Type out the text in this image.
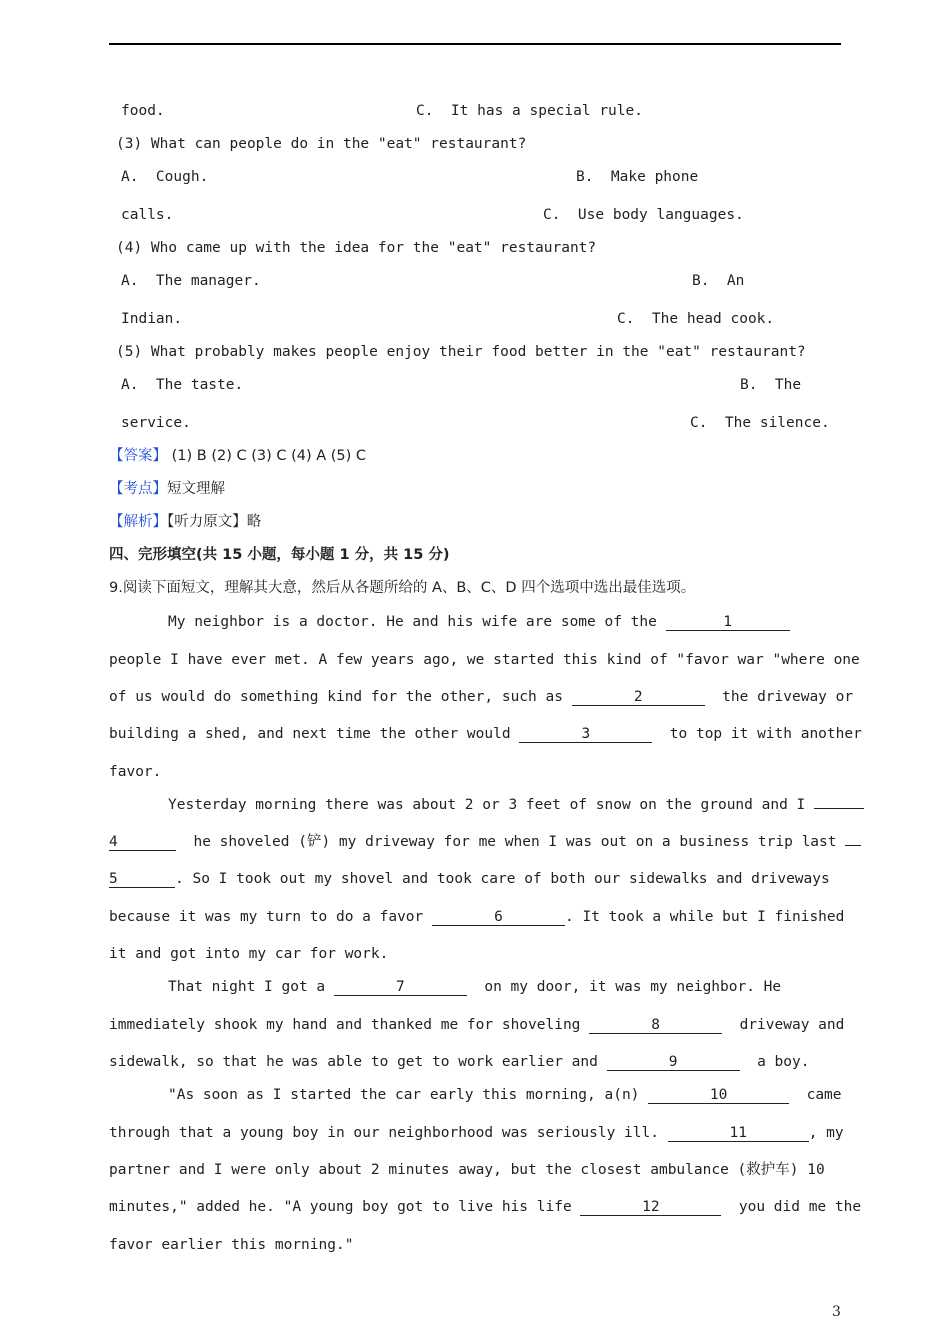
food.	C.  It has a special rule.
(3) What can people do in the "eat" restaurant?
A.  Cough.	B.  Make phone
calls.	C.  Use body languages.
(4) Who came up with the idea for the "eat" restaurant?
A.  The manager.	B.  An
Indian.	C.  The head cook.
(5) What probably makes people enjoy their food better in the "eat" restaurant?
A.  The taste.	B.  The
service.	C.  The silence.
【答案】 (1) B (2) C (3) C (4) A (5) C
【考点】短文理解
【解析】【听力原文】略
四、完形填空(共 15 小题，每小题 1 分，共 15 分)
9.阅读下面短文，理解其大意，然后从各题所给的 A、B、C、D 四个选项中选出最佳选项。
My neighbor is a doctor. He and his wife are some of the	1
people I have ever met. A few years ago, we started this kind of "favor war "where one
of us would do something kind for the other, such as	2	the driveway or
building a shed, and next time the other would	3	to top it with another
favor.
Yesterday morning there was about 2 or 3 feet of snow on the ground and I
4	he shoveled (铲) my driveway for me when I was out on a business trip last
5	. So I took out my shovel and took care of both our sidewalks and driveways
because it was my turn to do a favor	6	. It took a while but I finished
it and got into my car for work.
That night I got a	7	on my door, it was my neighbor. He
immediately shook my hand and thanked me for shoveling	8	driveway and
sidewalk, so that he was able to get to work earlier and	9	a boy.
"As soon as I started the car early this morning, a(n)	10	came
through that a young boy in our neighborhood was seriously ill.	11	, my
partner and I were only about 2 minutes away, but the closest ambulance (救护车) 10
minutes," added he. "A young boy got to live his life	12	you did me the
favor earlier this morning."
3
